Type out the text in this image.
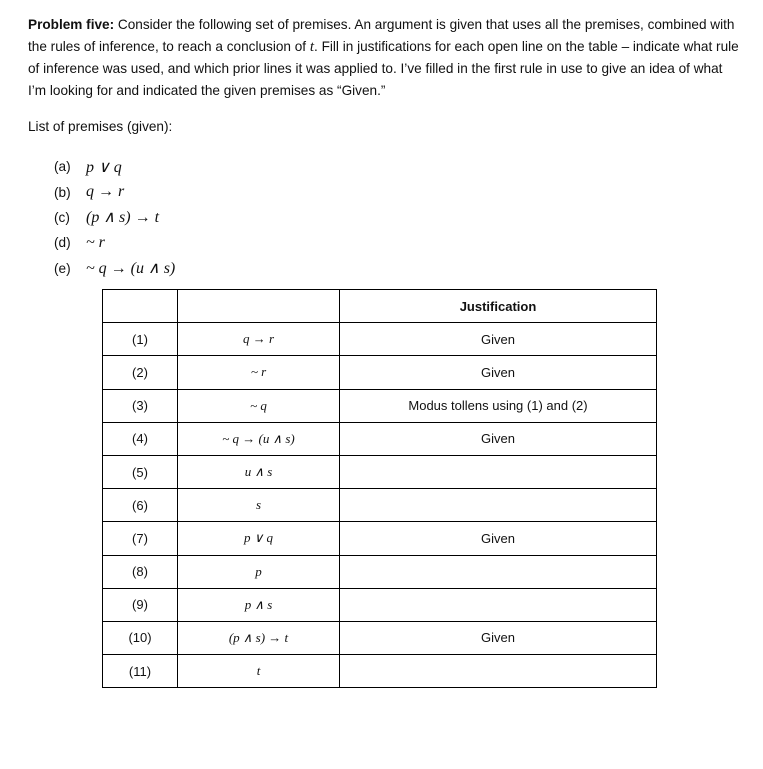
Problem five: Consider the following set of premises. An argument is given that uses all the premises, combined with the rules of inference, to reach a conclusion of t. Fill in justifications for each open line on the table – indicate what rule of inference was used, and which prior lines it was applied to. I’ve filled in the first rule in use to give an idea of what I’m looking for and indicated the given premises as “Given.”
List of premises (given):
(a) p ∨ q
(b) q → r
(c)	(p ∧ s) → t
(d) ~ r
(e) ~ q → (u ∧ s)
		Justification
(1)	q → r	Given
(2)	~ r	Given
(3)	~ q	Modus tollens using (1) and (2)
(4)	~ q → (u ∧ s)	Given
(5)	u ∧ s	
(6)	s	
(7)	p ∨ q	Given
(8)	p	
(9)	p ∧ s	
(10)	(p ∧ s) → t	Given
(11)	t	
